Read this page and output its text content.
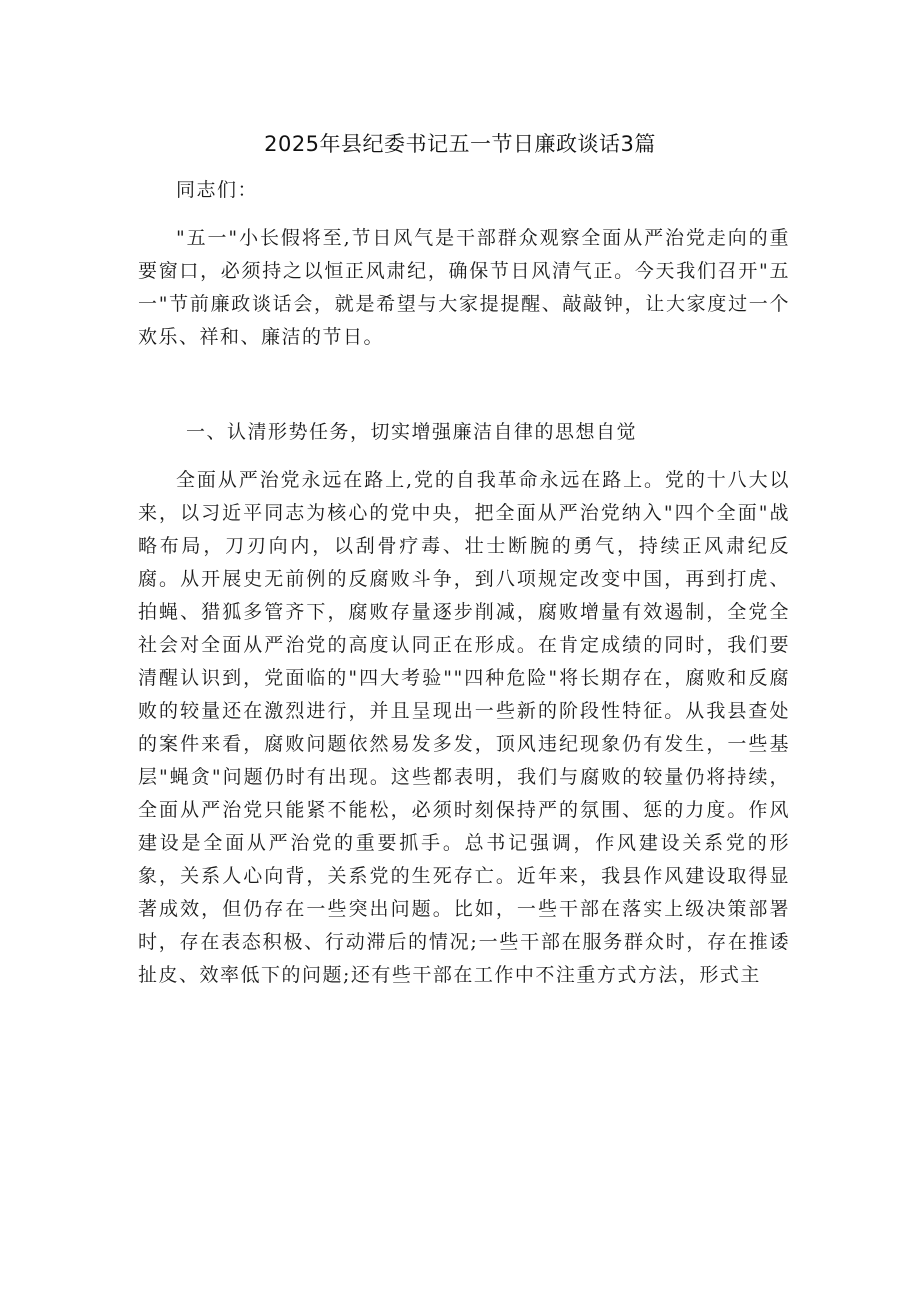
2025年县纪委书记五一节日廉政谈话3篇

同志们：

"五一"小长假将至,节日风气是干部群众观察全面从严治党走向的重要窗口，必须持之以恒正风肃纪，确保节日风清气正。今天我们召开"五一"节前廉政谈话会，就是希望与大家提提醒、敲敲钟，让大家度过一个欢乐、祥和、廉洁的节日。

一、认清形势任务，切实增强廉洁自律的思想自觉

全面从严治党永远在路上,党的自我革命永远在路上。党的十八大以来，以习近平同志为核心的党中央，把全面从严治党纳入"四个全面"战略布局，刀刃向内，以刮骨疗毒、壮士断腕的勇气，持续正风肃纪反腐。从开展史无前例的反腐败斗争，到八项规定改变中国，再到打虎、拍蝇、猎狐多管齐下，腐败存量逐步削减，腐败增量有效遏制，全党全社会对全面从严治党的高度认同正在形成。在肯定成绩的同时，我们要清醒认识到，党面临的"四大考验""四种危险"将长期存在，腐败和反腐败的较量还在激烈进行，并且呈现出一些新的阶段性特征。从我县查处的案件来看，腐败问题依然易发多发，顶风违纪现象仍有发生，一些基层"蝇贪"问题仍时有出现。这些都表明，我们与腐败的较量仍将持续，全面从严治党只能紧不能松，必须时刻保持严的氛围、惩的力度。作风建设是全面从严治党的重要抓手。总书记强调，作风建设关系党的形象，关系人心向背，关系党的生死存亡。近年来，我县作风建设取得显著成效，但仍存在一些突出问题。比如，一些干部在落实上级决策部署时，存在表态积极、行动滞后的情况;一些干部在服务群众时，存在推诿扯皮、效率低下的问题;还有些干部在工作中不注重方式方法，形式主
